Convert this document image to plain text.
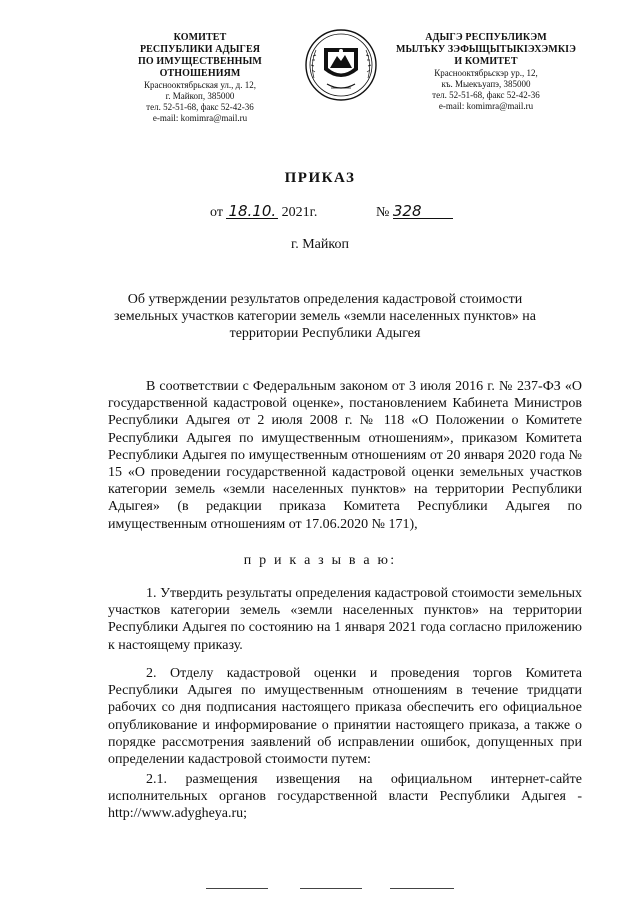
КОМИТЕТ
РЕСПУБЛИКИ АДЫГЕЯ
ПО ИМУЩЕСТВЕННЫМ ОТНОШЕНИЯМ
Краснооктябрьская ул., д. 12,
г. Майкоп, 385000
тел. 52-51-68, факс 52-42-36
e-mail: komimra@mail.ru
АДЫГЭ РЕСПУБЛИКЭМ
МЫЛЪКУ ЗЭФЫЩЫТЫКIЭХЭМКIЭ
И КОМИТЕТ
Краснооктябрьскэр ур., 12,
къ. Мыекъуапэ, 385000
тел. 52-51-68, факс 52-42-36
e-mail: komimra@mail.ru
ПРИКАЗ
от 18.10. 2021г.	№ 328
г. Майкоп
Об утверждении результатов определения кадастровой стоимости земельных участков категории земель «земли населенных пунктов» на территории Республики Адыгея
В соответствии с Федеральным законом от 3 июля 2016 г. № 237-ФЗ «О государственной кадастровой оценке», постановлением Кабинета Министров Республики Адыгея от 2 июля 2008 г. № 118 «О Положении о Комитете Республики Адыгея по имущественным отношениям», приказом Комитета Республики Адыгея по имущественным отношениям от 20 января 2020 года № 15 «О проведении государственной кадастровой оценки земельных участков категории земель «земли населенных пунктов» на территории Республики Адыгея» (в редакции приказа Комитета Республики Адыгея по имущественным отношениям от 17.06.2020 № 171),
п р и к а з ы в а ю:
1. Утвердить результаты определения кадастровой стоимости земельных участков категории земель «земли населенных пунктов» на территории Республики Адыгея по состоянию на 1 января 2021 года согласно приложению к настоящему приказу.
2. Отделу кадастровой оценки и проведения торгов Комитета Республики Адыгея по имущественным отношениям в течение тридцати рабочих со дня подписания настоящего приказа обеспечить его официальное опубликование и информирование о принятии настоящего приказа, а также о порядке рассмотрения заявлений об исправлении ошибок, допущенных при определении кадастровой стоимости путем:
2.1. размещения извещения на официальном интернет-сайте исполнительных органов государственной власти Республики Адыгея - http://www.adygheya.ru;
